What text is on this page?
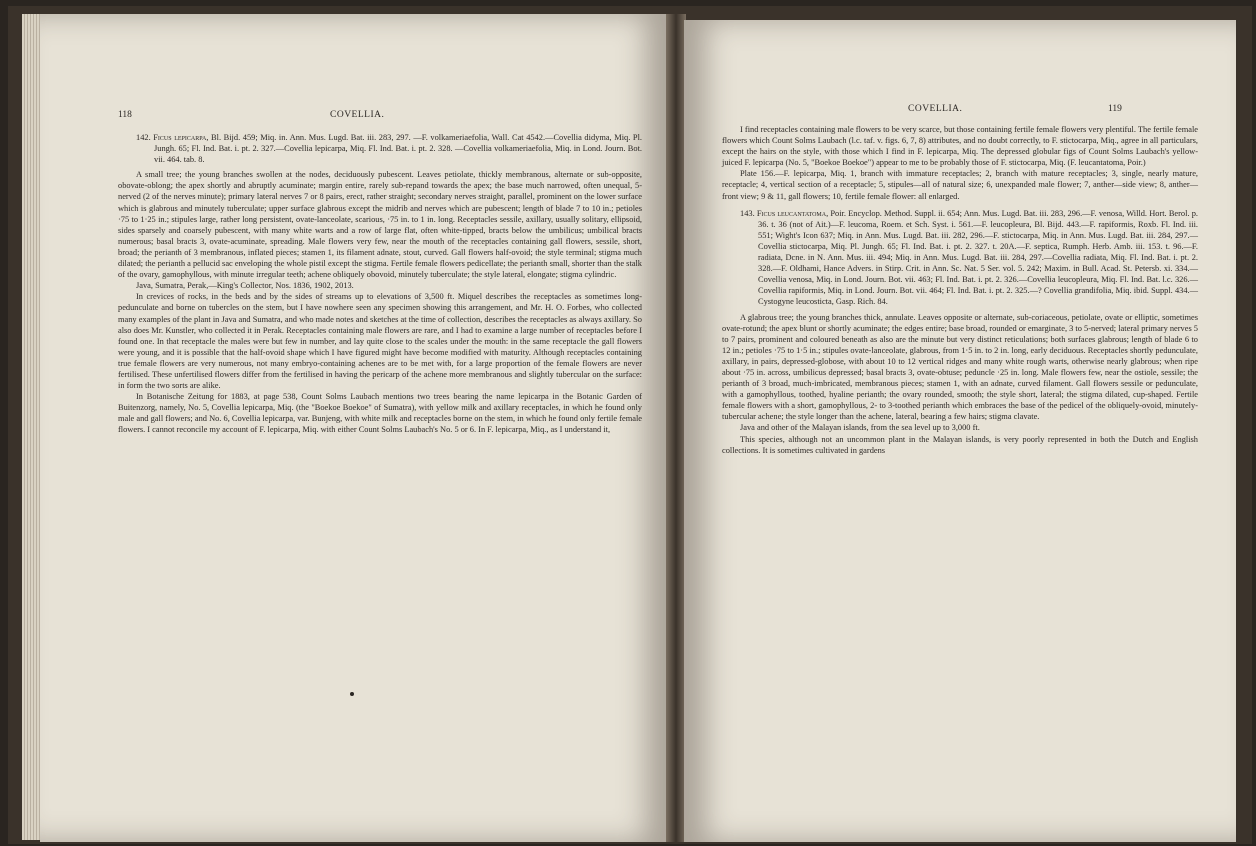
118	COVELLIA.

142. Ficus lepicarpa, Bl. Bijd. 459; Miq. in. Ann. Mus. Lugd. Bat. iii. 283, 297. —F. volkameriaefolia, Wall. Cat 4542.—Covellia didyma, Miq. Pl. Jungh. 65; Fl. Ind. Bat. i. pt. 2. 327.—Covellia lepicarpa, Miq. Fl. Ind. Bat. i. pt. 2. 328. —Covellia volkameriaefolia, Miq. in Lond. Journ. Bot. vii. 464. tab. 8.

A small tree; the young branches swollen at the nodes, deciduously pubescent. Leaves petiolate, thickly membranous, alternate or sub-opposite, obovate-oblong; the apex shortly and abruptly acuminate; margin entire, rarely sub-repand towards the apex; the base much narrowed, often unequal, 5-nerved (2 of the nerves minute); primary lateral nerves 7 or 8 pairs, erect, rather straight; secondary nerves straight, parallel, prominent on the lower surface which is glabrous and minutely tuberculate; upper surface glabrous except the midrib and nerves which are pubescent; length of blade 7 to 10 in.; petioles ·75 to 1·25 in.; stipules large, rather long persistent, ovate-lanceolate, scarious, ·75 in. to 1 in. long. Receptacles sessile, axillary, usually solitary, ellipsoid, sides sparsely and coarsely pubescent, with many white warts and a row of large flat, often white-tipped, bracts below the umbilicus; umbilical bracts numerous; basal bracts 3, ovate-acuminate, spreading. Male flowers very few, near the mouth of the receptacles containing gall flowers, sessile, short, broad; the perianth of 3 membranous, inflated pieces; stamen 1, its filament adnate, stout, curved. Gall flowers half-ovoid; the style terminal; stigma much dilated; the perianth a pellucid sac enveloping the whole pistil except the stigma. Fertile female flowers pedicellate; the perianth small, shorter than the stalk of the ovary, gamophyllous, with minute irregular teeth; achene obliquely obovoid, minutely tuberculate; the style lateral, elongate; stigma cylindric.

Java, Sumatra, Perak,—King's Collector, Nos. 1836, 1902, 2013.

In crevices of rocks, in the beds and by the sides of streams up to elevations of 3,500 ft. Miquel describes the receptacles as sometimes long-pedunculate and borne on tubercles on the stem, but I have nowhere seen any specimen showing this arrangement, and Mr. H. O. Forbes, who collected many examples of the plant in Java and Sumatra, and who made notes and sketches at the time of collection, describes the receptacles as always axillary. So also does Mr. Kunstler, who collected it in Perak. Receptacles containing male flowers are rare, and I had to examine a large number of receptacles before I found one. In that receptacle the males were but few in number, and lay quite close to the scales under the mouth: in the same receptacle the gall flowers were young, and it is possible that the half-ovoid shape which I have figured might have become modified with maturity. Although receptacles containing true female flowers are very numerous, not many embryo-containing achenes are to be met with, for a large proportion of the female flowers are never fertilised. These unfertilised flowers differ from the fertilised in having the pericarp of the achene more membranous and slightly tubercular on the surface: in form the two sorts are alike.

In Botanische Zeitung for 1883, at page 538, Count Solms Laubach mentions two trees bearing the name lepicarpa in the Botanic Garden of Buitenzorg, namely, No. 5, Covellia lepicarpa, Miq. (the "Boekoe Boekoe" of Sumatra), with yellow milk and axillary receptacles, in which he found only male and gall flowers; and No. 6, Covellia lepicarpa, var. Bunjeng, with white milk and receptacles borne on the stem, in which he found only fertile female flowers. I cannot reconcile my account of F. lepicarpa, Miq. with either Count Solms Laubach's No. 5 or 6. In F. lepicarpa, Miq., as I understand it,

COVELLIA.	119

I find receptacles containing male flowers to be very scarce, but those containing fertile female flowers very plentiful. The fertile female flowers which Count Solms Laubach (l.c. taf. v. figs. 6, 7, 8) attributes, and no doubt correctly, to F. stictocarpa, Miq., agree in all particulars, except the hairs on the style, with those which I find in F. lepicarpa, Miq. The depressed globular figs of Count Solms Laubach's yellow-juiced F. lepicarpa (No. 5, "Boekoe Boekoe") appear to me to be probably those of F. stictocarpa, Miq. (F. leucantatoma, Poir.)

Plate 156.—F. lepicarpa, Miq. 1, branch with immature receptacles; 2, branch with mature receptacles; 3, single, nearly mature, receptacle; 4, vertical section of a receptacle; 5, stipules—all of natural size; 6, unexpanded male flower; 7, anther—side view; 8, anther—front view; 9 & 11, gall flowers; 10, fertile female flower: all enlarged.

143. Ficus leucantatoma, Poir. Encyclop. Method. Suppl. ii. 654; Ann. Mus. Lugd. Bat. iii. 283, 296.—F. venosa, Willd. Hort. Berol. p. 36. t. 36 (not of Ait.)—F. leucoma, Roem. et Sch. Syst. i. 561.—F. leucopleura, Bl. Bijd. 443.—F. rapiformis, Roxb. Fl. Ind. iii. 551; Wight's Icon 637; Miq. in Ann. Mus. Lugd. Bat. iii. 282, 296.—F. stictocarpa, Miq. in Ann. Mus. Lugd. Bat. iii. 284, 297.—Covellia stictocarpa, Miq. Pl. Jungh. 65; Fl. Ind. Bat. i. pt. 2. 327. t. 20A.—F. septica, Rumph. Herb. Amb. iii. 153. t. 96.—F. radiata, Dcne. in N. Ann. Mus. iii. 494; Miq. in Ann. Mus. Lugd. Bat. iii. 284, 297.—Covellia radiata, Miq. Fl. Ind. Bat. i. pt. 2. 328.—F. Oldhami, Hance Advers. in Stirp. Crit. in Ann. Sc. Nat. 5 Ser. vol. 5. 242; Maxim. in Bull. Acad. St. Petersb. xi. 334.—Covellia venosa, Miq. in Lond. Journ. Bot. vii. 463; Fl. Ind. Bat. i. pt. 2. 326.—Covellia leucopleura, Miq. Fl. Ind. Bat. l.c. 326.—Covellia rapiformis, Miq. in Lond. Journ. Bot. vii. 464; Fl. Ind. Bat. i. pt. 2. 325.—? Covellia grandifolia, Miq. ibid. Suppl. 434.—Cystogyne leucosticta, Gasp. Rich. 84.

A glabrous tree; the young branches thick, annulate. Leaves opposite or alternate, sub-coriaceous, petiolate, ovate or elliptic, sometimes ovate-rotund; the apex blunt or shortly acuminate; the edges entire; base broad, rounded or emarginate, 3 to 5-nerved; lateral primary nerves 5 to 7 pairs, prominent and coloured beneath as also are the minute but very distinct reticulations; both surfaces glabrous; length of blade 6 to 12 in.; petioles ·75 to 1·5 in.; stipules ovate-lanceolate, glabrous, from 1·5 in. to 2 in. long, early deciduous. Receptacles shortly pedunculate, axillary, in pairs, depressed-globose, with about 10 to 12 vertical ridges and many white rough warts, otherwise nearly glabrous; when ripe about ·75 in. across, umbilicus depressed; basal bracts 3, ovate-obtuse; peduncle ·25 in. long. Male flowers few, near the ostiole, sessile; the perianth of 3 broad, much-imbricated, membranous pieces; stamen 1, with an adnate, curved filament. Gall flowers sessile or pedunculate, with a gamophyllous, toothed, hyaline perianth; the ovary rounded, smooth; the style short, lateral; the stigma dilated, cup-shaped. Fertile female flowers with a short, gamophyllous, 2- to 3-toothed perianth which embraces the base of the pedicel of the obliquely-ovoid, minutely-tubercular achene; the style longer than the achene, lateral, bearing a few hairs; stigma clavate.

Java and other of the Malayan islands, from the sea level up to 3,000 ft.

This species, although not an uncommon plant in the Malayan islands, is very poorly represented in both the Dutch and English collections. It is sometimes cultivated in gardens
